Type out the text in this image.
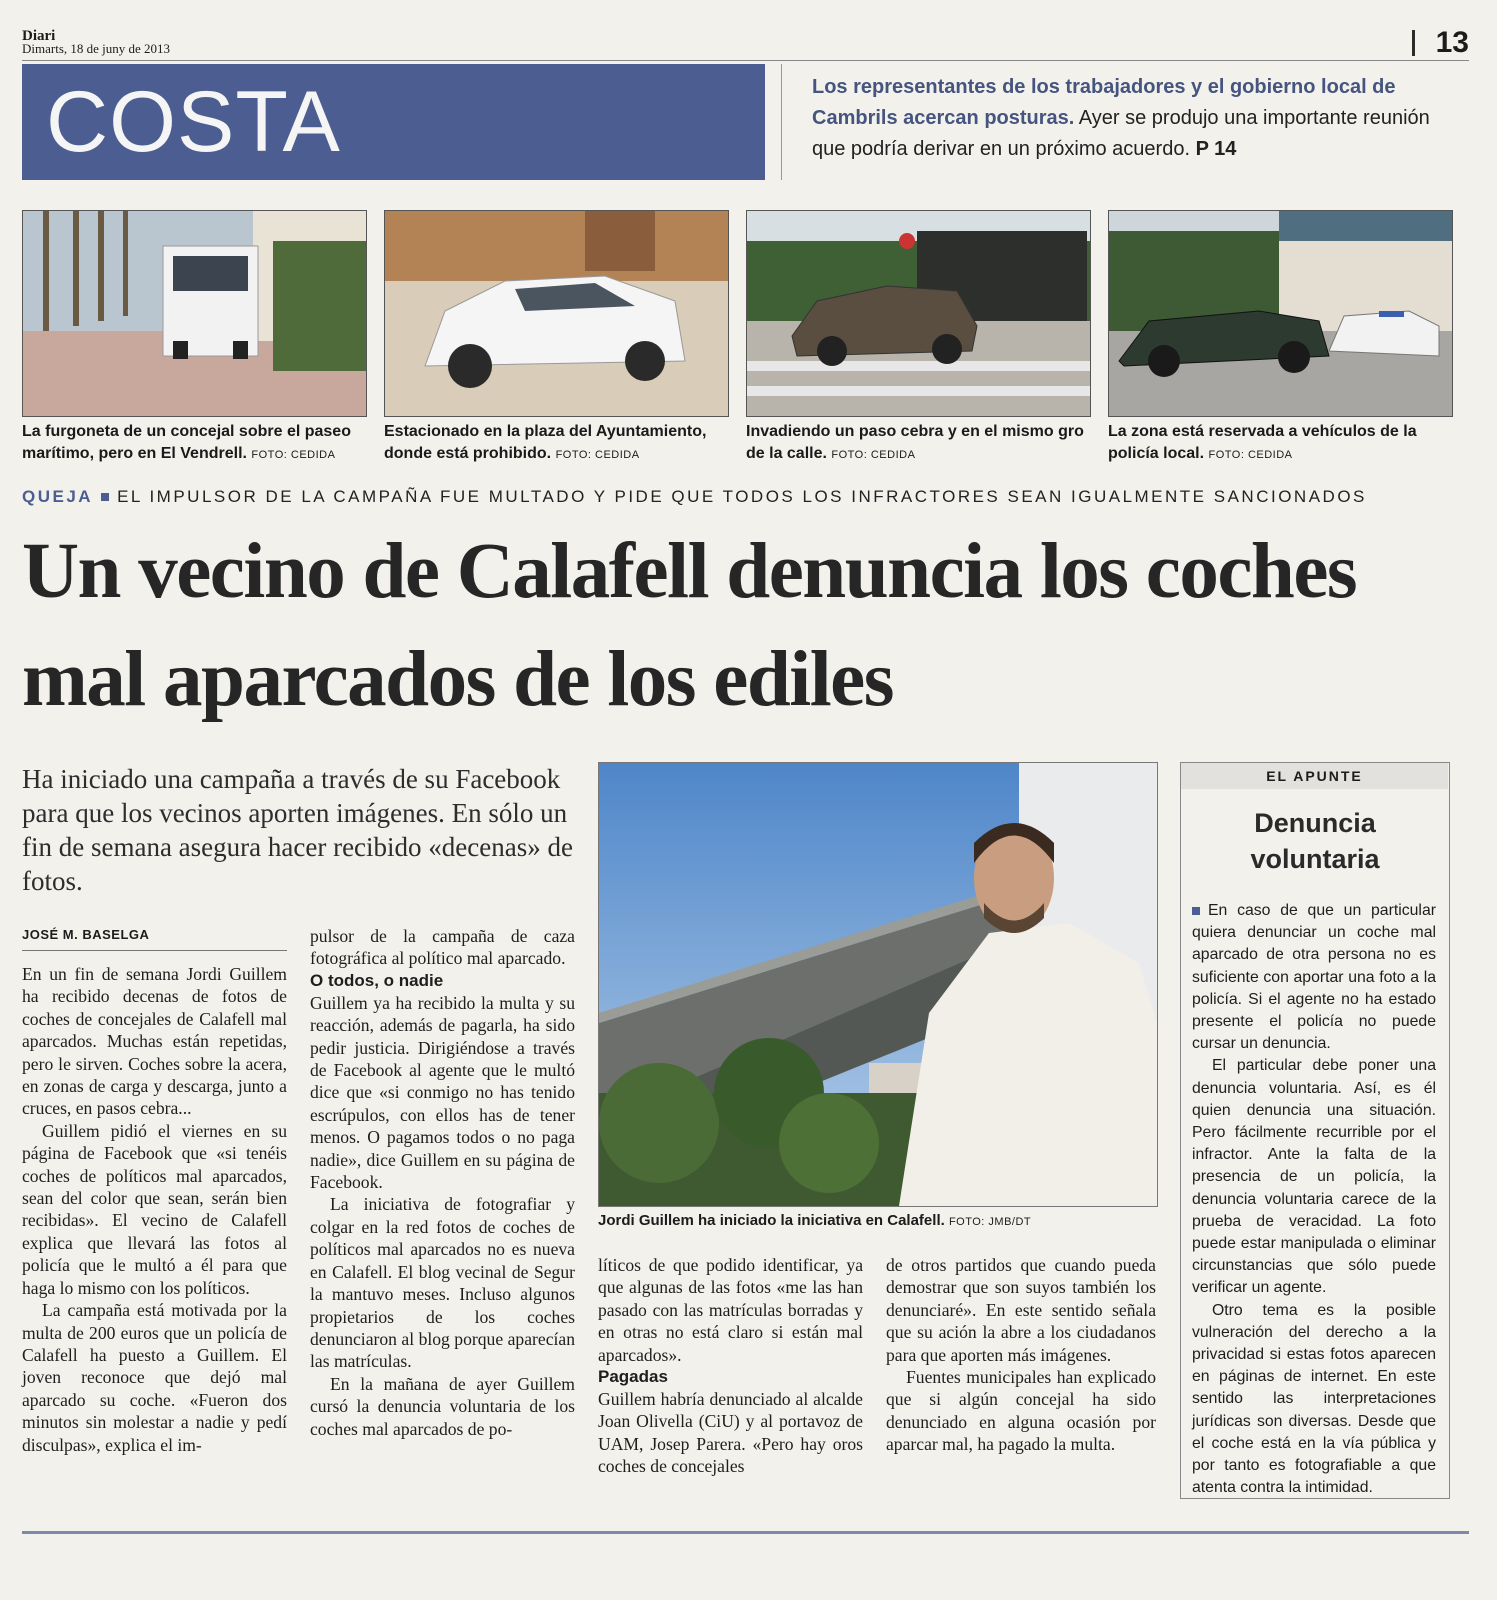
Diari
Dimarts, 18 de juny de 2013	13
COSTA	Los representantes de los trabajadores y el gobierno local de Cambrils acercan posturas. Ayer se produjo una importante reunión que podría derivar en un próximo acuerdo. P 14
La furgoneta de un concejal sobre el paseo marítimo, pero en El Vendrell. FOTO: CEDIDA
Estacionado en la plaza del Ayuntamiento, donde está prohibido. FOTO: CEDIDA
Invadiendo un paso cebra y en el mismo gro de la calle. FOTO: CEDIDA
La zona está reservada a vehículos de la policía local. FOTO: CEDIDA
QUEJA EL IMPULSOR DE LA CAMPAÑA FUE MULTADO Y PIDE QUE TODOS LOS INFRACTORES SEAN IGUALMENTE SANCIONADOS
Un vecino de Calafell denuncia los coches mal aparcados de los ediles
Ha iniciado una campaña a través de su Facebook para que los vecinos aporten imágenes. En sólo un fin de semana asegura hacer recibido «decenas» de fotos.
JOSÉ M. BASELGA

En un fin de semana Jordi Guillem ha recibido decenas de fotos de coches de concejales de Calafell mal aparcados. Muchas están repetidas, pero le sirven. Coches sobre la acera, en zonas de carga y descarga, junto a cruces, en pasos cebra...

Guillem pidió el viernes en su página de Facebook que «si tenéis coches de políticos mal aparcados, sean del color que sean, serán bien recibidas». El vecino de Calafell explica que llevará las fotos al policía que le multó a él para que haga lo mismo con los políticos.

La campaña está motivada por la multa de 200 euros que un policía de Calafell ha puesto a Guillem. El joven reconoce que dejó mal aparcado su coche. «Fueron dos minutos sin molestar a nadie y pedí disculpas», explica el im-

pulsor de la campaña de caza fotográfica al político mal aparcado.

O todos, o nadie

Guillem ya ha recibido la multa y su reacción, además de pagarla, ha sido pedir justicia. Dirigiéndose a través de Facebook al agente que le multó dice que «si conmigo no has tenido escrúpulos, con ellos has de tener menos. O pagamos todos o no paga nadie», dice Guillem en su página de Facebook.

La iniciativa de fotografiar y colgar en la red fotos de coches de políticos mal aparcados no es nueva en Calafell. El blog vecinal de Segur la mantuvo meses. Incluso algunos propietarios de los coches denunciaron al blog porque aparecían las matrículas.

En la mañana de ayer Guillem cursó la denuncia voluntaria de los coches mal aparcados de po-

Jordi Guillem ha iniciado la iniciativa en Calafell. FOTO: JMB/DT

líticos de que podido identificar, ya que algunas de las fotos «me las han pasado con las matrículas borradas y en otras no está claro si están mal aparcados».

Pagadas

Guillem habría denunciado al alcalde Joan Olivella (CiU) y al portavoz de UAM, Josep Parera. «Pero hay oros coches de concejales

de otros partidos que cuando pueda demostrar que son suyos también los denunciaré». En este sentido señala que su ación la abre a los ciudadanos para que aporten más imágenes.

Fuentes municipales han explicado que si algún concejal ha sido denunciado en alguna ocasión por aparcar mal, ha pagado la multa.

EL APUNTE
Denuncia voluntaria

En caso de que un particular quiera denunciar un coche mal aparcado de otra persona no es suficiente con aportar una foto a la policía. Si el agente no ha estado presente el policía no puede cursar un denuncia.

El particular debe poner una denuncia voluntaria. Así, es él quien denuncia una situación. Pero fácilmente recurrible por el infractor. Ante la falta de la presencia de un policía, la denuncia voluntaria carece de la prueba de veracidad. La foto puede estar manipulada o eliminar circunstancias que sólo puede verificar un agente.

Otro tema es la posible vulneración del derecho a la privacidad si estas fotos aparecen en páginas de internet. En este sentido las interpretaciones jurídicas son diversas. Desde que el coche está en la vía pública y por tanto es fotografiable a que atenta contra la intimidad.
